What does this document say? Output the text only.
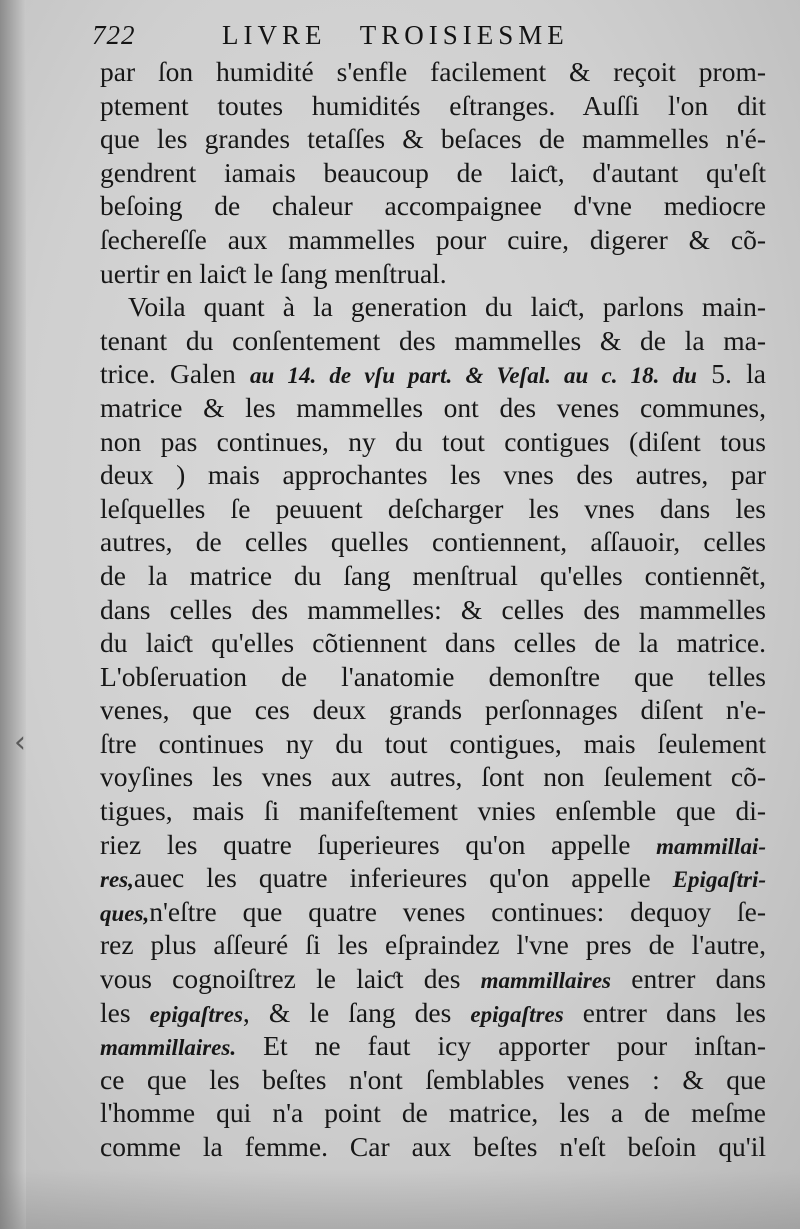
722	LIVRE TROISIESME
par ſon humidité s'enfle facilement & reçoit prom-
ptement toutes humidités eſtranges. Auſſi l'on dit
que les grandes tetaſſes & beſaces de mammelles n'é-
gendrent iamais beaucoup de laiƈt, d'autant qu'eſt
beſoing de chaleur accompaignee d'vne mediocre
ſechereſſe aux mammelles pour cuire, digerer & cõ-
uertir en laiƈt le ſang menſtrual.
Voila quant à la generation du laiƈt, parlons main-
tenant du conſentement des mammelles & de la ma-
trice. Galen au 14. de vſu part. & Veſal. au c. 18. du 5. la
matrice & les mammelles ont des venes communes,
non pas continues, ny du tout contigues (diſent tous
deux ) mais approchantes les vnes des autres, par
leſquelles ſe peuuent deſcharger les vnes dans les
autres, de celles quelles contiennent, aſſauoir, celles
de la matrice du ſang menſtrual qu'elles contiennẽt,
dans celles des mammelles: & celles des mammelles
du laiƈt qu'elles cõtiennent dans celles de la matrice.
L'obſeruation de l'anatomie demonſtre que telles
venes, que ces deux grands perſonnages diſent n'e-
ſtre continues ny du tout contigues, mais ſeulement
voyſines les vnes aux autres, ſont non ſeulement cõ-
tigues, mais ſi manifeſtement vnies enſemble que di-
riez les quatre ſuperieures qu'on appelle mammillai-
res,auec les quatre inferieures qu'on appelle Epigaſtri-
ques,n'eſtre que quatre venes continues: dequoy ſe-
rez plus aſſeuré ſi les eſpraindez l'vne pres de l'autre,
vous cognoiſtrez le laiƈt des mammillaires entrer dans
les epigaſtres, & le ſang des epigaſtres entrer dans les
mammillaires. Et ne faut icy apporter pour inſtan-
ce que les beſtes n'ont ſemblables venes : & que
l'homme qui n'a point de matrice, les a de meſme
comme la femme. Car aux beſtes n'eſt beſoin qu'il
‹
